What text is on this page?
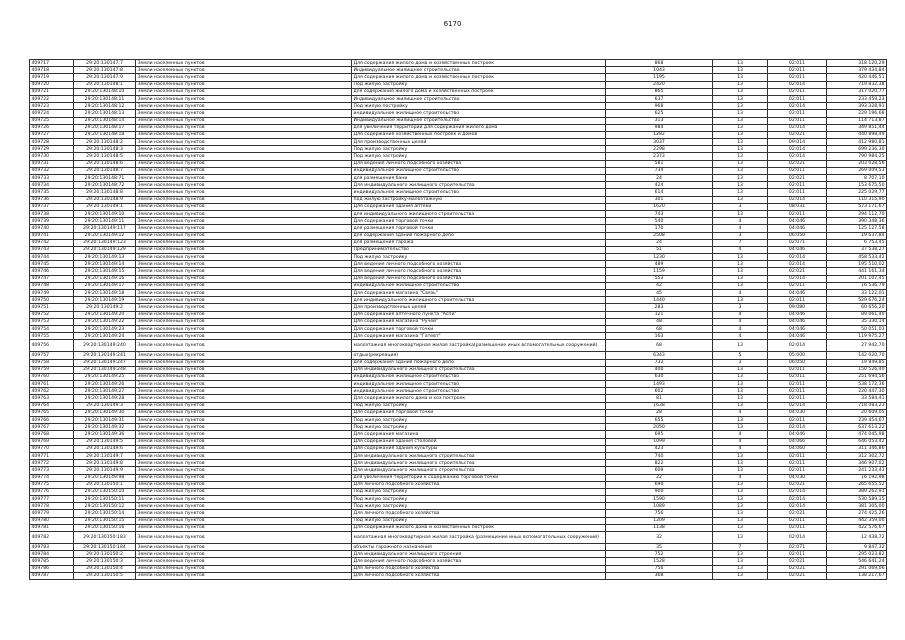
6170
409717	29:20:130147:7	Земли населенных пунктов	Для содержания жилого дома и хозяйственных построек	868	13	02:011	318 120,29
409718	29:20:130147:8	Земли населенных пунктов	Индивидуальное жилищное строительство	1043	13	02:011	379 434,84
409719	29:20:130147:9	Земли населенных пунктов	Для содержания жилого дома и хозяйственных построек	1195	13	02:011	420 446,51
409720	29:20:130148:1	Земли населенных пунктов	Под жилую застройку	2420	13	02:014	719 832,38
409721	29:20:130148:10	Земли населенных пунктов	для содержания жилого дома и хозяйственных построек	865	13	02:011	317 020,77
409722	29:20:130148:11	Земли населенных пунктов	Индивидуальное жилищное строительство	637	13	02:011	233 459,23
409723	29:20:130148:12	Земли населенных пунктов	Под жилую постройку	968	13	02:014	393 328,91
409724	29:20:130148:13	Земли населенных пунктов	индивидуальное жилищное строительство	625	13	02:011	229 196,68
409725	29:20:130148:14	Земли населенных пунктов	Индивидуальное жилищное строительство	313	13	02:011	114 713,87
409726	29:20:130148:17	Земли населенных пунктов	для увеличения территории для содержания жилого дома	984	13	02:014	349 851,44
409727	29:20:130148:18	Земли населенных пунктов	Для содержания хозяйственных построек и домов	1282	13	02:021	440 898,49
409728	29:20:130148:2	Земли населенных пунктов	Для производственных целей	3037	13	09:014	412 980,81
409729	29:20:130148:3	Земли населенных пунктов	Под жилую застройку	2298	13	02:014	699 236,30
409730	29:20:130148:5	Земли населенных пунктов	Под жилую застройку	2373	13	02:014	790 984,25
409731	29:20:130148:6	Земли населенных пунктов	Для ведения личного подсобного хозяйства	581	13	02:021	203 028,56
409732	29:20:130148:7	Земли населенных пунктов	индивидуальное жилищное строительство	734	13	02:011	269 009,53
409733	29:20:130148:71	Земли населенных пунктов	для размещения бани	24	13	02:021	8 707,10
409734	29:20:130148:72	Земли населенных пунктов	Для индивидуального жилищного строительства	424	13	02:011	153 675,50
409735	29:20:130148:8	Земли населенных пунктов	индивидуальное жилищное строительство	614	13	02:011	225 029,77
409736	29:20:130148:9	Земли населенных пунктов	под жилую застройку-малоэтажную	301	13	02:014	110 315,90
409737	29:20:130149:1	Земли населенных пунктов	Для содержания здания аптеки	1620	3	08:031	573 171,67
409738	29:20:130149:10	Земли населенных пунктов	для индивидуального жилищного строительства	743	13	02:011	294 112,70
409739	29:20:130149:11	Земли населенных пунктов	Для содержания торговой точки	540	4	04:046	390 348,36
409740	29:20:130149:117	Земли населенных пунктов	для размещения торговой точки	170	4	04:046	125 127,58
409741	29:20:130149:12	Земли населенных пунктов	для содержания здания пожарного депо	2508	3	06:050	19 637,84
409742	29:20:130149:123	Земли населенных пунктов	для размещения гаража	24	7	02:071	6 753,45
409743	29:20:130149:129	Земли населенных пунктов	Предпринимательство	51	4	04:046	37 538,27
409744	29:20:130149:13	Земли населенных пунктов	Под жилую застройку	1230	13	02:014	458 533,42
409745	29:20:130149:14	Земли населенных пунктов	Для ведения личного подсобного хозяйства	489	13	02:014	195 510,02
409746	29:20:130149:15	Земли населенных пунктов	Для ведения личного подсобного хозяйства	1159	13	02:021	441 161,34
409747	29:20:130149:16	Земли населенных пунктов	Для ведения личного подсобного хозяйства	553	13	02:014	201 107,45
409748	29:20:130149:17	Земли населенных пунктов	индивидуальное жилищное строительство	42	13	02:011	16 536,79
409749	29:20:130149:18	Земли населенных пунктов	Для содержания магазина "Связь"	45	4	04:046	33 122,01
409750	29:20:130149:19	Земли населенных пунктов	для индивидуального жилищного строительства	1440	13	02:011	529 676,24
409751	29:20:130149:2	Земли населенных пунктов	Для производственных целей	283	3	09:080	60 656,20
409752	29:20:130149:20	Земли населенных пунктов	Для содержания аптечного пункта "Аспи"	121	4	04:046	89 061,40
409753	29:20:130149:22	Земли населенных пунктов	Для содержания магазина "Ручей"	48	4	04:046	35 330,14
409754	29:20:130149:23	Земли населенных пунктов	Для содержания торговой точки	68	4	04:046	50 051,03
409755	29:20:130149:24	Земли населенных пунктов	Для содержания магазина "Гатевт"	163	4	04:046	119 975,27
409756	29:20:130149:240	Земли населенных пунктов	малоэтажная многоквартирная жилая застройка(размещение иных вспомогательных сооружений)	68	13	02:014	27 942,70
409757	29:20:130149:241	Земли населенных пунктов	отдых(рекреация)	6343	5	05:000	142 020,70
409758	29:20:130149:247	Земли населенных пунктов	для содержания здания пожарного депо	732	3	06:050	19 849,85
409759	29:20:130149:248	Земли населенных пунктов	Для индивидуального жилищного строительства	400	13	02:011	150 526,40
409760	29:20:130149:25	Земли населенных пунктов	индивидуальное жилищное строительство	630	13	02:011	251 694,56
409761	29:20:130149:26	Земли населенных пунктов	индивидуальное жилищное строительство	1493	13	02:011	538 172,36
409762	29:20:130149:27	Земли населенных пунктов	индивидуальное жилищное строительство	602	13	02:011	220 447,30
409763	29:20:130149:28	Земли населенных пунктов	Для содержания жилого дома и хоз.построек	81	13	02:011	33 584,41
409764	29:20:130149:3	Земли населенных пунктов	Под жилую застройку	1638	13	02:014	718 083,23
409765	29:20:130149:30	Земли населенных пунктов	Для содержания торговой точки	28	4	04:030	20 609,05
409766	29:20:130149:31	Земли населенных пунктов	Под жилую застройку	655	13	02:011	239 454,67
409767	29:20:130149:32	Земли населенных пунктов	Под жилую застройку	2050	13	02:014	637 613,22
409768	29:20:130149:36	Земли населенных пунктов	Для содержания магазина	695	4	04:046	474 045,98
409769	29:20:130149:5	Земли населенных пунктов	Для содержания здания столовой	1099	4	04:066	646 053,42
409770	29:20:130149:6	Земли населенных пунктов	Для содержания здания культуры	423	4	04:060	311 346,86
409771	29:20:130149:7	Земли населенных пунктов	Для индивидуального жилищного строительства	740	13	02:011	312 302,72
409772	29:20:130149:8	Земли населенных пунктов	Для индивидуального жилищного строительства	822	13	02:011	346 907,02
409773	29:20:130149:9	Земли населенных пунктов	Для индивидуального жилищного строительства	609	13	02:011	241 233,43
409774	29:20:130149:98	Земли населенных пунктов	для увеличения территории к содержанию торговой точки	22	4	04:030	16 192,98
409775	29:20:130150:1	Земли населенных пунктов	Для личного подсобного хозяйства	690	13	02:021	265 655,52
409776	29:20:130150:10	Земли населенных пунктов	Под жилую застройку	900	13	02:014	389 262,91
409777	29:20:130150:11	Земли населенных пунктов	Под жилую застройку	1590	13	02:014	530 589,15
409778	29:20:130150:12	Земли населенных пунктов	Под жилую застройку	1089	13	02:014	381 305,00
409779	29:20:130150:14	Земли населенных пунктов	Для личного подсобного хозяйства	756	13	02:021	274 425,26
409780	29:20:130150:15	Земли населенных пунктов	Под жилую застройку	1209	13	02:011	442 359,00
409781	29:20:130150:16	Земли населенных пунктов	Для содержания жилого дома и хозяйственных построек	1138	13	02:011	422 576,67
409782	29:20:130150:183	Земли населенных пунктов	малоэтажная многоквартирная жилая застройка (размещение иных вспомогательных сооружений)	32	13	02:014	12 438,72
409783	29:20:130150:184	Земли населенных пунктов	объекты гаражного назначения	35	7	02:071	9 847,32
409784	29:20:130150:2	Земли населенных пунктов	Для индивидуального жилищного строения	752	13	02:011	295 023,82
409785	29:20:130150:3	Земли населенных пунктов	Для ведения личного подсобного хозяйства	1528	13	02:021	546 641,24
409786	29:20:130150:4	Земли населенных пунктов	Для личного подсобного хозяйства	756	13	02:021	291 069,06
409787	29:20:130150:5	Земли населенных пунктов	Для личного подсобного хозяйства	368	13	02:021	138 217,67
